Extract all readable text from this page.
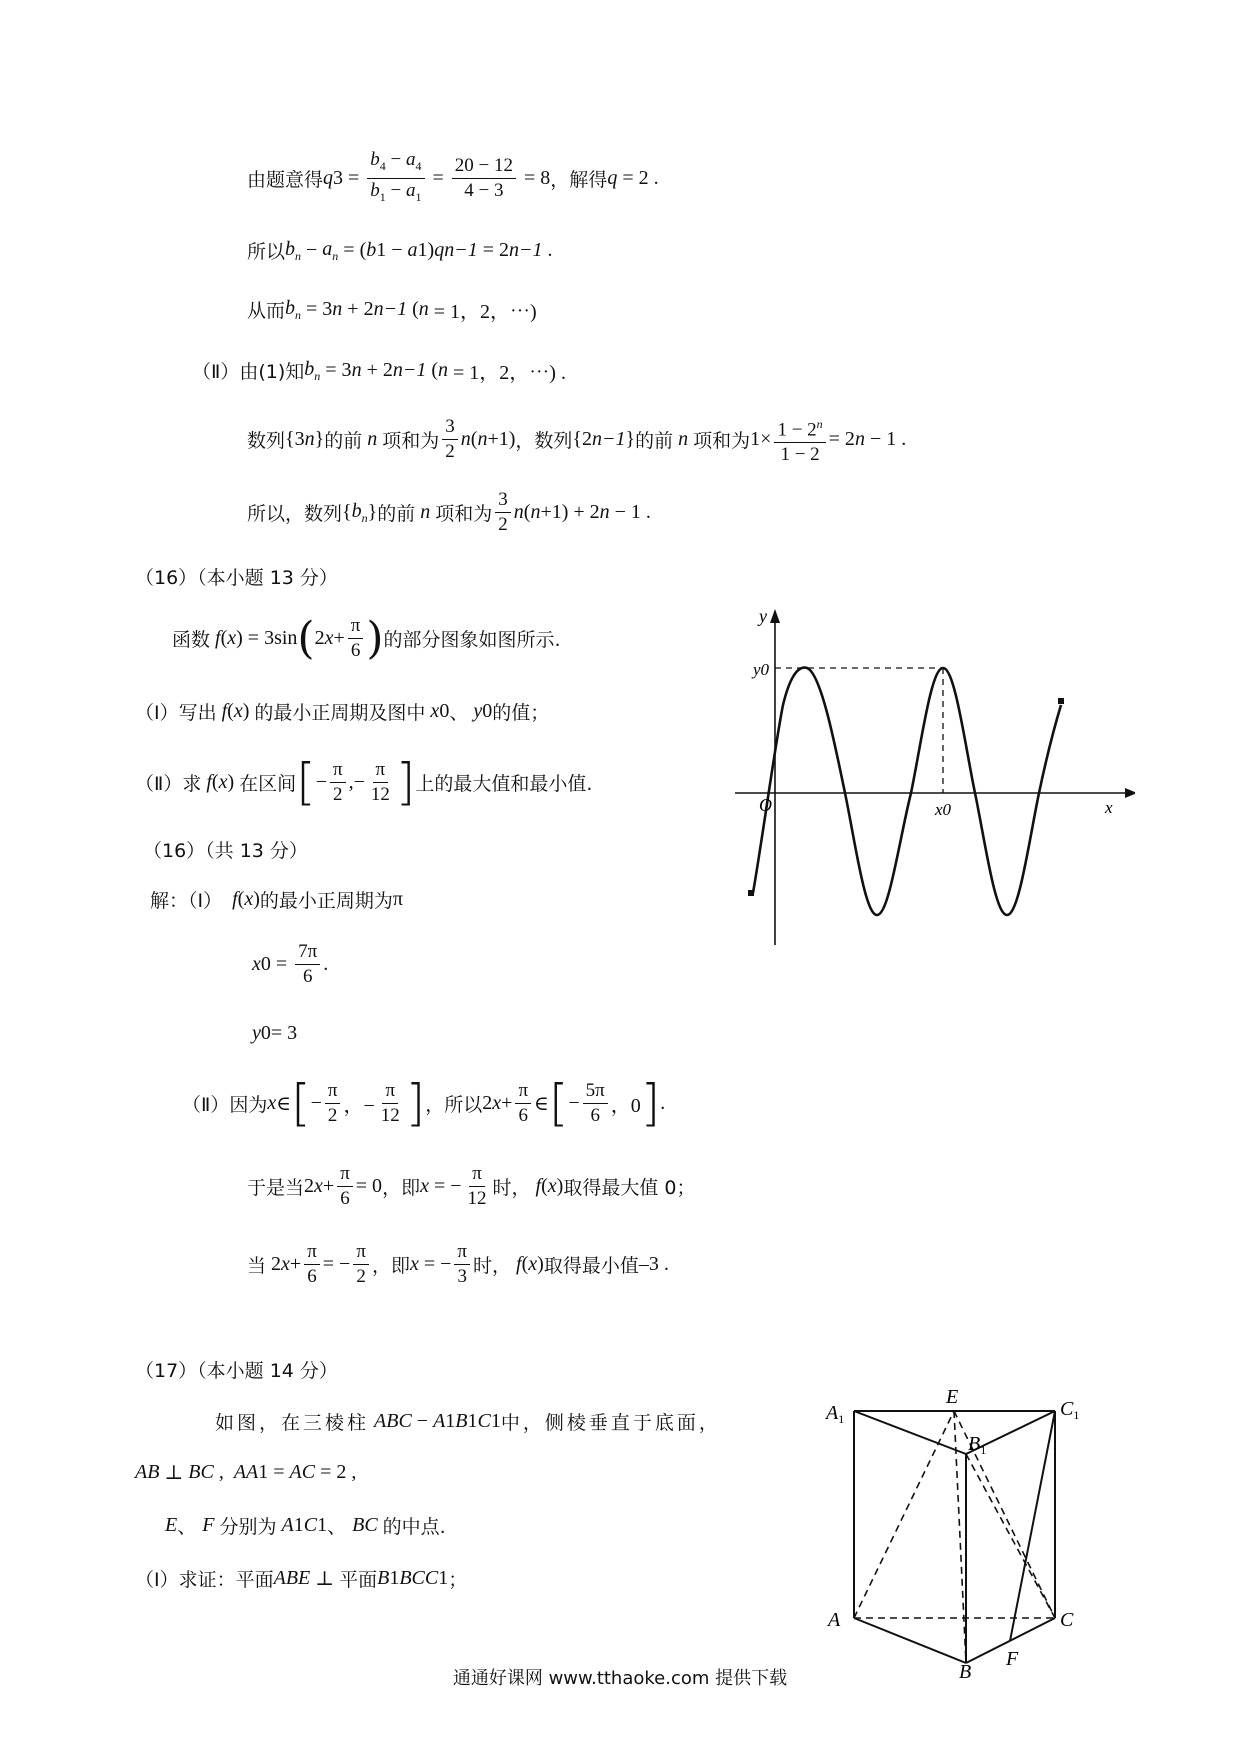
由题意得 q $3 = \frac{b_4 - a_4}{b_1 - a_1} = \frac{20 - 12}{4 - 3} = 8$ ，解得 q = 2 .
所以 $b_n - a_n$ = ( b 1 − a 1 ) q n−1 = 2 n−1 .
从而 $b_n = 3$ n + 2 n−1 ( n = 1，2，⋯)
（Ⅱ） 由(1)知 $b_n = 3$ n + 2 n−1 ( n = 1，2，⋯) .
数列 {3 n } 的前 n 项和为 $\frac{3}{2}$ n ( n +1) ，数列 {2 n−1 } 的前 n 项和为 $1\times \frac{1 - 2^n}{1 - 2} = 2$ n − 1 .
所以，数列 { $b_n$ } 的前 n 项和为 $\frac{3}{2}$ n ( n +1) + 2 n − 1 .
（16）（本小题 13 分）
函数 f ( x ) = 3sin ( 2 $x + \frac{\pi}{6}$ ) 的部分图象如图所示.
（Ⅰ）写出 f ( x ) 的最小正周期及图中 x 0 、 y 0 的值；
（Ⅱ）求 f ( x ) 在区间 [ − $\frac{\pi}{2}$ ,− $\frac{\pi}{12}$ ] 上的最大值和最小值.
y
y0
x
x0
O
（16）（共 13 分）
解：（Ⅰ） f ( x ) 的最小正周期为 π
x $0 = \frac{7\pi}{6}$ .
y 0 = 3
（Ⅱ） 因为 x ∈ [ − $\frac{\pi}{2}$ ，− $\frac{\pi}{12}$ ] ，所以 2 $x + \frac{\pi}{6}$ ∈ [ − $\frac{5\pi}{6}$ ，0 ] .
于是当 2 $x + \frac{\pi}{6} = 0$ ，即 x = − $\frac{\pi}{12}$ 时， f ( x ) 取得最大值 0；
当 2 $x + \frac{\pi}{6}$ = − $\frac{\pi}{2}$ ，即 x = − $\frac{\pi}{3}$ 时， f ( x ) 取得最小值 –3 .
（17）（本小题 14 分）
如图，在三棱柱 ABC − A 1 B 1 C 1 中，侧棱垂直于底面，
AB ⊥ BC , AA 1 = AC = 2 ,
E 、 F
分别为 A 1 C 1 、 BC
的中点.
（Ⅰ）求证：平面 ABE ⊥ 平面 B 1 BCC 1 ；
$A_1$
E
$C_1$
$B_1$
A	C
B
F
通通好课网 www.tthaoke.com 提供下载
